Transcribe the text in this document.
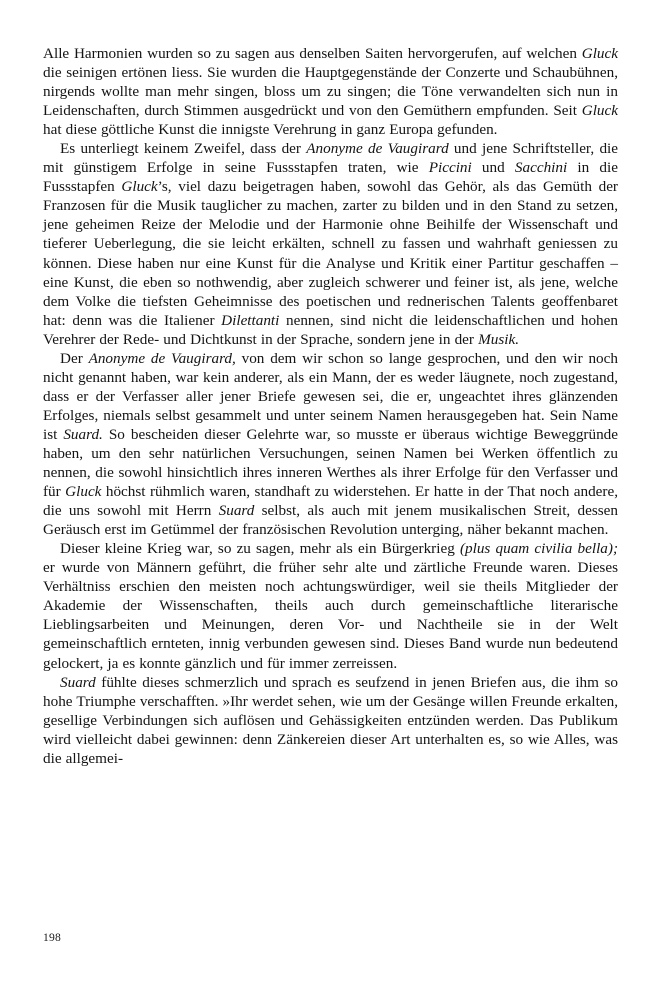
Alle Harmonien wurden so zu sagen aus denselben Saiten hervorgerufen, auf welchen Gluck die seinigen ertönen liess. Sie wurden die Hauptgegenstände der Conzerte und Schaubühnen, nirgends wollte man mehr singen, bloss um zu singen; die Töne verwandelten sich nun in Leidenschaften, durch Stimmen ausgedrückt und von den Gemüthern empfunden. Seit Gluck hat diese göttliche Kunst die innigste Verehrung in ganz Europa gefunden.

Es unterliegt keinem Zweifel, dass der Anonyme de Vaugirard und jene Schriftsteller, die mit günstigem Erfolge in seine Fussstapfen traten, wie Piccini und Sacchini in die Fussstapfen Gluck’s, viel dazu beigetragen haben, sowohl das Gehör, als das Gemüth der Franzosen für die Musik tauglicher zu machen, zarter zu bilden und in den Stand zu setzen, jene geheimen Reize der Melodie und der Harmonie ohne Beihilfe der Wissenschaft und tieferer Ueberlegung, die sie leicht erkälten, schnell zu fassen und wahrhaft geniessen zu können. Diese haben nur eine Kunst für die Analyse und Kritik einer Partitur geschaffen – eine Kunst, die eben so nothwendig, aber zugleich schwerer und feiner ist, als jene, welche dem Volke die tiefsten Geheimnisse des poetischen und rednerischen Talents geoffenbaret hat: denn was die Italiener Dilettanti nennen, sind nicht die leidenschaftlichen und hohen Verehrer der Rede- und Dichtkunst in der Sprache, sondern jene in der Musik.

Der Anonyme de Vaugirard, von dem wir schon so lange gesprochen, und den wir noch nicht genannt haben, war kein anderer, als ein Mann, der es weder läugnete, noch zugestand, dass er der Verfasser aller jener Briefe gewesen sei, die er, ungeachtet ihres glänzenden Erfolges, niemals selbst gesammelt und unter seinem Namen herausgegeben hat. Sein Name ist Suard. So bescheiden dieser Gelehrte war, so musste er überaus wichtige Beweggründe haben, um den sehr natürlichen Versuchungen, seinen Namen bei Werken öffentlich zu nennen, die sowohl hinsichtlich ihres inneren Werthes als ihrer Erfolge für den Verfasser und für Gluck höchst rühmlich waren, standhaft zu widerstehen. Er hatte in der That noch andere, die uns sowohl mit Herrn Suard selbst, als auch mit jenem musikalischen Streit, dessen Geräusch erst im Getümmel der französischen Revolution unterging, näher bekannt machen.

Dieser kleine Krieg war, so zu sagen, mehr als ein Bürgerkrieg (plus quam civilia bella); er wurde von Männern geführt, die früher sehr alte und zärtliche Freunde waren. Dieses Verhältniss erschien den meisten noch achtungswürdiger, weil sie theils Mitglieder der Akademie der Wissenschaften, theils auch durch gemeinschaftliche literarische Lieblingsarbeiten und Meinungen, deren Vor- und Nachtheile sie in der Welt gemeinschaftlich ernteten, innig verbunden gewesen sind. Dieses Band wurde nun bedeutend gelockert, ja es konnte gänzlich und für immer zerreissen.

Suard fühlte dieses schmerzlich und sprach es seufzend in jenen Briefen aus, die ihm so hohe Triumphe verschafften. »Ihr werdet sehen, wie um der Gesänge willen Freunde erkalten, gesellige Verbindungen sich auflösen und Gehässigkeiten entzünden werden. Das Publikum wird vielleicht dabei gewinnen: denn Zänkereien dieser Art unterhalten es, so wie Alles, was die allgemei-

198
